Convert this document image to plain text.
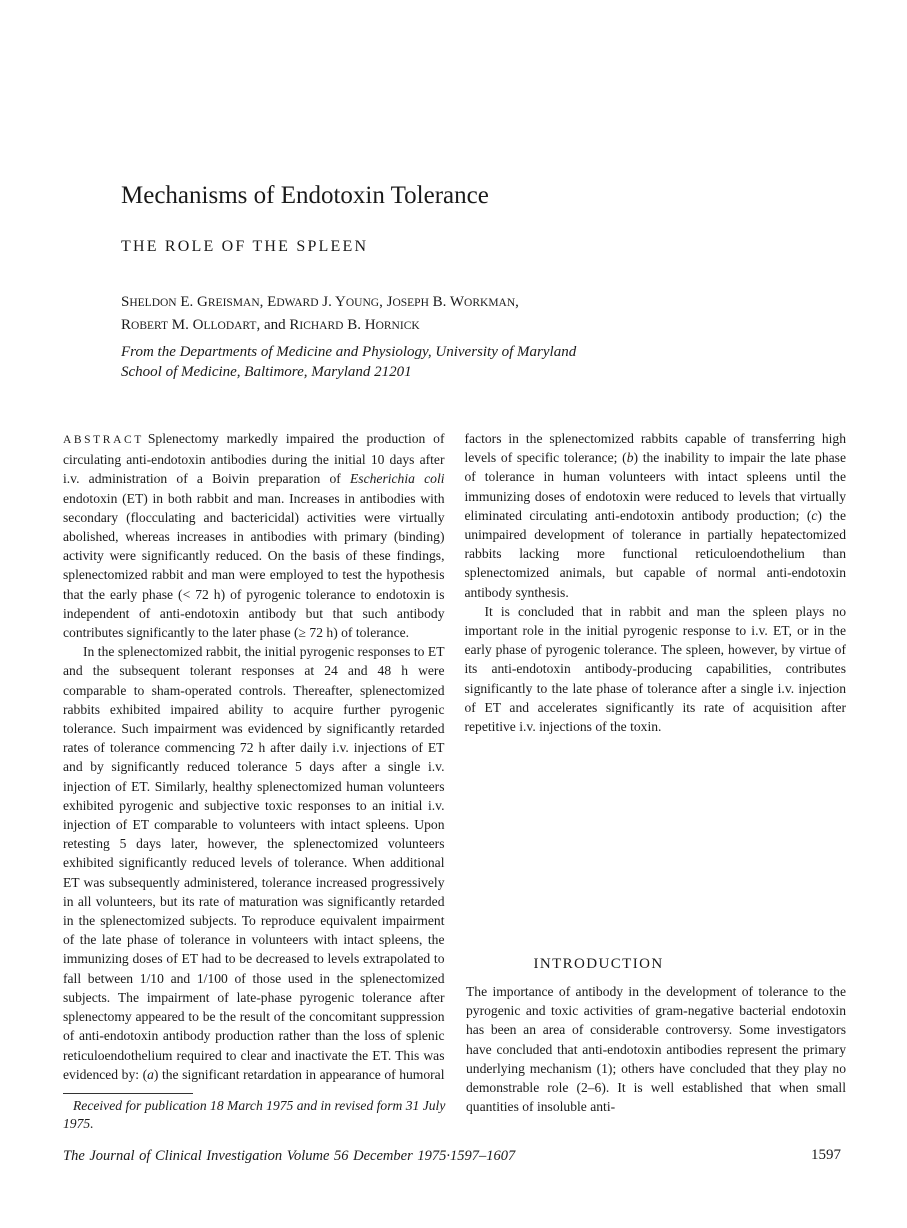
Mechanisms of Endotoxin Tolerance
THE ROLE OF THE SPLEEN
SHELDON E. GREISMAN, EDWARD J. YOUNG, JOSEPH B. WORKMAN,
ROBERT M. OLLODART, and RICHARD B. HORNICK
From the Departments of Medicine and Physiology, University of Maryland
School of Medicine, Baltimore, Maryland 21201
INTRODUCTION

The importance of antibody in the development of tolerance to the pyrogenic and toxic activities of gram-negative bacterial endotoxin has been an area of considerable controversy. Some investigators have concluded that anti-endotoxin antibodies represent the primary underlying mechanism (1); others have concluded that they play no demonstrable role (2–6). It is well established that when small quantities of insoluble anti-

Received for publication 18 March 1975 and in revised form 31 July 1975.
The Journal of Clinical Investigation Volume 56 December 1975·1597–1607	1597

ABSTRACT Splenectomy markedly impaired the production of circulating anti-endotoxin antibodies during the initial 10 days after i.v. administration of a Boivin preparation of Escherichia coli endotoxin (ET) in both rabbit and man. Increases in antibodies with secondary (flocculating and bactericidal) activities were virtually abolished, whereas increases in antibodies with primary (binding) activity were significantly reduced. On the basis of these findings, splenectomized rabbit and man were employed to test the hypothesis that the early phase (< 72 h) of pyrogenic tolerance to endotoxin is independent of anti-endotoxin antibody but that such antibody contributes significantly to the later phase (≥ 72 h) of tolerance.

In the splenectomized rabbit, the initial pyrogenic responses to ET and the subsequent tolerant responses at 24 and 48 h were comparable to sham-operated controls. Thereafter, splenectomized rabbits exhibited impaired ability to acquire further pyrogenic tolerance. Such impairment was evidenced by significantly retarded rates of tolerance commencing 72 h after daily i.v. injections of ET and by significantly reduced tolerance 5 days after a single i.v. injection of ET. Similarly, healthy splenectomized human volunteers exhibited pyrogenic and subjective toxic responses to an initial i.v. injection of ET comparable to volunteers with intact spleens. Upon retesting 5 days later, however, the splenectomized volunteers exhibited significantly reduced levels of tolerance. When additional ET was subsequently administered, tolerance increased progressively in all volunteers, but its rate of maturation was significantly retarded in the splenectomized subjects. To reproduce equivalent impairment of the late phase of tolerance in volunteers with intact spleens, the immunizing doses of ET had to be decreased to levels extrapolated to fall between 1/10 and 1/100 of those used in the splenectomized subjects. The impairment of late-phase pyrogenic tolerance after splenectomy appeared to be the result of the concomitant suppression of anti-endotoxin antibody production rather than the loss of splenic reticuloendothelium required to clear and inactivate the ET. This was evidenced by: (a) the significant retardation in appearance of humoral factors in the splenectomized rabbits capable of transferring high levels of specific tolerance; (b) the inability to impair the late phase of tolerance in human volunteers with intact spleens until the immunizing doses of endotoxin were reduced to levels that virtually eliminated circulating anti-endotoxin antibody production; (c) the unimpaired development of tolerance in partially hepatectomized rabbits lacking more functional reticuloendothelium than splenectomized animals, but capable of normal anti-endotoxin antibody synthesis.

It is concluded that in rabbit and man the spleen plays no important role in the initial pyrogenic response to i.v. ET, or in the early phase of pyrogenic tolerance. The spleen, however, by virtue of its anti-endotoxin antibody-producing capabilities, contributes significantly to the late phase of tolerance after a single i.v. injection of ET and accelerates significantly its rate of acquisition after repetitive i.v. injections of the toxin.
